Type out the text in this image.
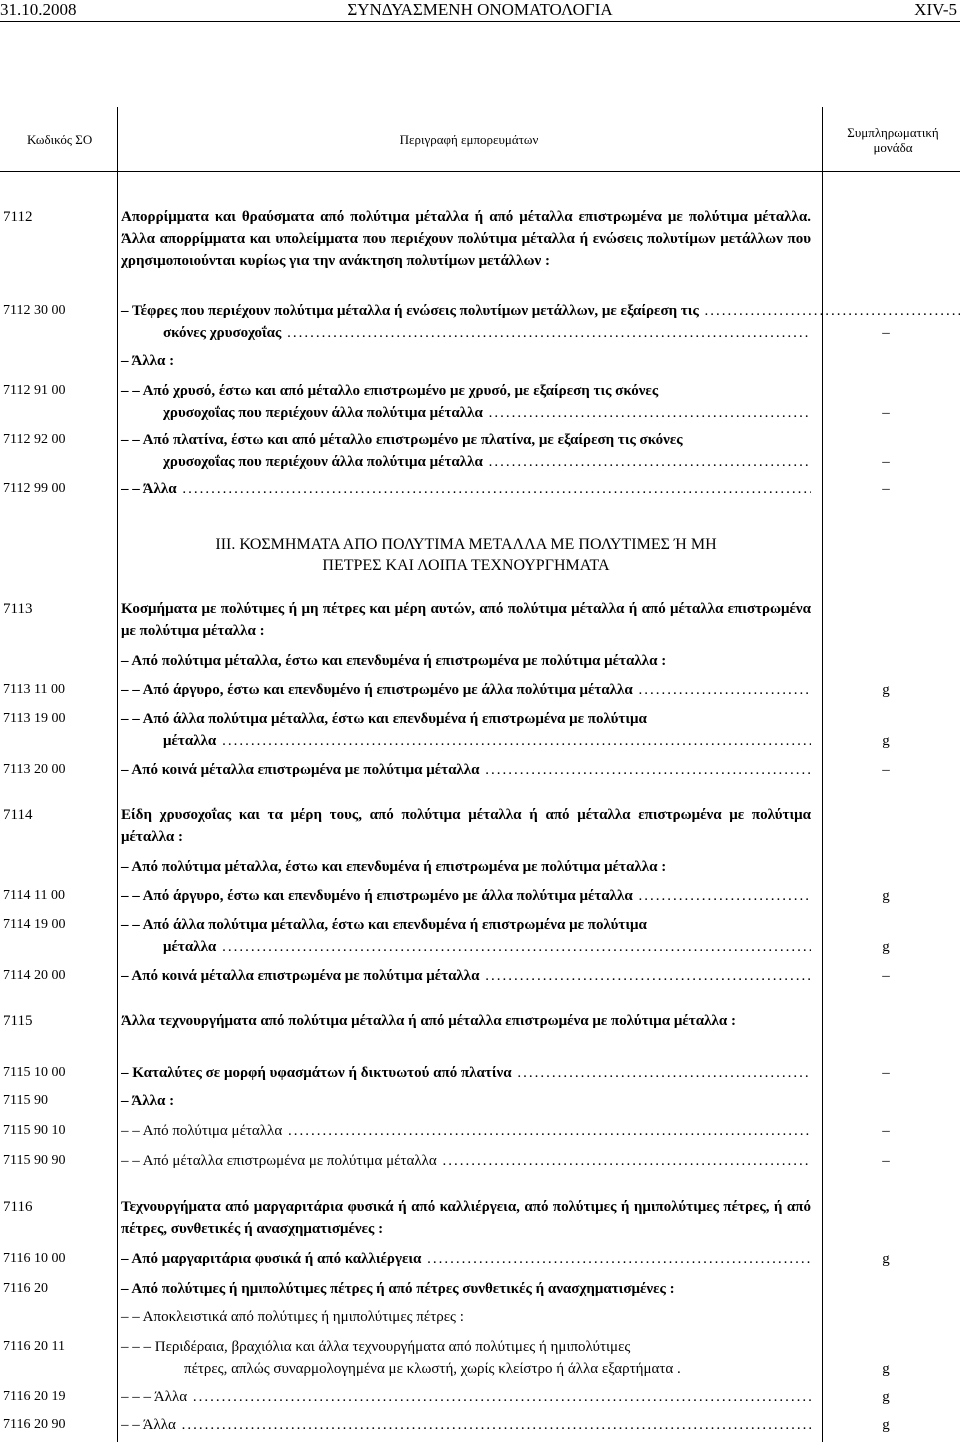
31.10.2008	ΣΥΝΔΥΑΣΜΕΝΗ ΟΝΟΜΑΤΟΛΟΓΙΑ	XIV-5
Κωδικός ΣΟ	Περιγραφή εμπορευμάτων	Συμπληρωματική
μονάδα
7112	Απορρίμματα και θραύσματα από πολύτιμα μέταλλα ή από μέταλλα επιστρωμένα με πολύτιμα μέταλλα. Άλλα απορρίμματα και υπολείμματα που περιέχουν πολύτιμα μέταλλα ή ενώσεις πολυτίμων μετάλλων που χρησιμοποιούνται κυρίως για την ανάκτηση πολυτίμων μετάλλων :
7112 30 00	– Τέφρες που περιέχουν πολύτιμα μέταλλα ή ενώσεις πολυτίμων μετάλλων, με εξαίρεση τις .....
σκόνες χρυσοχοΐας .....	–
– Άλλα :
7112 91 00	– – Από χρυσό, έστω και από μέταλλο επιστρωμένο με χρυσό, με εξαίρεση τις σκόνες
χρυσοχοΐας που περιέχουν άλλα πολύτιμα μέταλλα .....	–
7112 92 00	– – Από πλατίνα, έστω και από μέταλλο επιστρωμένο με πλατίνα, με εξαίρεση τις σκόνες
χρυσοχοΐας που περιέχουν άλλα πολύτιμα μέταλλα .....	–
7112 99 00	– – Άλλα .....	–
III. ΚΟΣΜΗΜΑΤΑ ΑΠΟ ΠΟΛΥΤΙΜΑ ΜΕΤΑΛΛΑ ΜΕ ΠΟΛΥΤΙΜΕΣ Ή ΜΗ
ΠΕΤΡΕΣ ΚΑΙ ΛΟΙΠΑ ΤΕΧΝΟΥΡΓΗΜΑΤΑ
7113	Κοσμήματα με πολύτιμες ή μη πέτρες και μέρη αυτών, από πολύτιμα μέταλλα ή από μέταλλα επιστρωμένα με πολύτιμα μέταλλα :
– Από πολύτιμα μέταλλα, έστω και επενδυμένα ή επιστρωμένα με πολύτιμα μέταλλα :
7113 11 00	– – Από άργυρο, έστω και επενδυμένο ή επιστρωμένο με άλλα πολύτιμα μέταλλα .....	g
7113 19 00	– – Από άλλα πολύτιμα μέταλλα, έστω και επενδυμένα ή επιστρωμένα με πολύτιμα
μέταλλα .....	g
7113 20 00	– Από κοινά μέταλλα επιστρωμένα με πολύτιμα μέταλλα .....	–
7114	Είδη χρυσοχοΐας και τα μέρη τους, από πολύτιμα μέταλλα ή από μέταλλα επιστρωμένα με πολύτιμα μέταλλα :
– Από πολύτιμα μέταλλα, έστω και επενδυμένα ή επιστρωμένα με πολύτιμα μέταλλα :
7114 11 00	– – Από άργυρο, έστω και επενδυμένο ή επιστρωμένο με άλλα πολύτιμα μέταλλα .....	g
7114 19 00	– – Από άλλα πολύτιμα μέταλλα, έστω και επενδυμένα ή επιστρωμένα με πολύτιμα
μέταλλα .....	g
7114 20 00	– Από κοινά μέταλλα επιστρωμένα με πολύτιμα μέταλλα .....	–
7115	Άλλα τεχνουργήματα από πολύτιμα μέταλλα ή από μέταλλα επιστρωμένα με πολύτιμα μέταλλα :
7115 10 00	– Καταλύτες σε μορφή υφασμάτων ή δικτυωτού από πλατίνα .....	–
7115 90	– Άλλα :
7115 90 10	– – Από πολύτιμα μέταλλα .....	–
7115 90 90	– – Από μέταλλα επιστρωμένα με πολύτιμα μέταλλα .....	–
7116	Τεχνουργήματα από μαργαριτάρια φυσικά ή από καλλιέργεια, από πολύτιμες ή ημιπολύτιμες πέτρες, ή από πέτρες, συνθετικές ή ανασχηματισμένες :
7116 10 00	– Από μαργαριτάρια φυσικά ή από καλλιέργεια .....	g
7116 20	– Από πολύτιμες ή ημιπολύτιμες πέτρες ή από πέτρες συνθετικές ή ανασχηματισμένες :
– – Αποκλειστικά από πολύτιμες ή ημιπολύτιμες πέτρες :
7116 20 11	– – – Περιδέραια, βραχιόλια και άλλα τεχνουργήματα από πολύτιμες ή ημιπολύτιμες
πέτρες, απλώς συναρμολογημένα με κλωστή, χωρίς κλείστρο ή άλλα εξαρτήματα .	g
7116 20 19	– – – Άλλα .....	g
7116 20 90	– – Άλλα .....	g
